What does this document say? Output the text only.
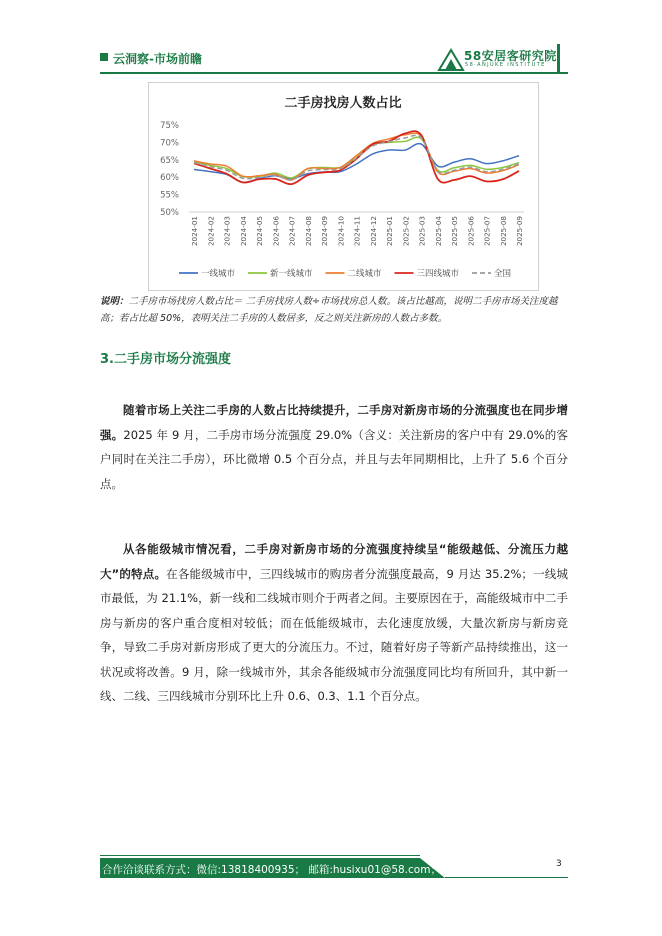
云洞察-市场前瞻	58安居客研究院
58·ANJUKE INSTITUTE
二手房找房人数占比
75%
70%
65%
60%
55%
50%
2024-01 2024-02 2024-03 2024-04 2024-05 2024-06 2024-07 2024-08 2024-09 2024-10 2024-11 2024-12 2025-01 2025-02 2025-03 2025-04 2025-05 2025-06 2025-07 2025-08 2025-09
一线城市	新一线城市	二线城市	三四线城市	全国
说明：二手房市场找房人数占比＝ 二手房找房人数÷市场找房总人数。该占比越高，说明二手房市场关注度越高；若占比超 50%，表明关注二手房的人数居多，反之则关注新房的人数占多数。
3.二手房市场分流强度
随着市场上关注二手房的人数占比持续提升，二手房对新房市场的分流强度也在同步增强。2025 年 9 月，二手房市场分流强度 29.0%（含义：关注新房的客户中有 29.0%的客户同时在关注二手房），环比微增 0.5 个百分点，并且与去年同期相比，上升了 5.6 个百分点。
从各能级城市情况看，二手房对新房市场的分流强度持续呈“能级越低、分流压力越大”的特点。在各能级城市中，三四线城市的购房者分流强度最高，9 月达 35.2%；一线城市最低，为 21.1%，新一线和二线城市则介于两者之间。主要原因在于，高能级城市中二手房与新房的客户重合度相对较低；而在低能级城市，去化速度放缓，大量次新房与新房竞争，导致二手房对新房形成了更大的分流压力。不过，随着好房子等新产品持续推出，这一状况或将改善。9 月，除一线城市外，其余各能级城市分流强度同比均有所回升，其中新一线、二线、三四线城市分别环比上升 0.6、0.3、1.1 个百分点。
合作洽谈联系方式：微信:13818400935； 邮箱:husixu01@58.com；	3
